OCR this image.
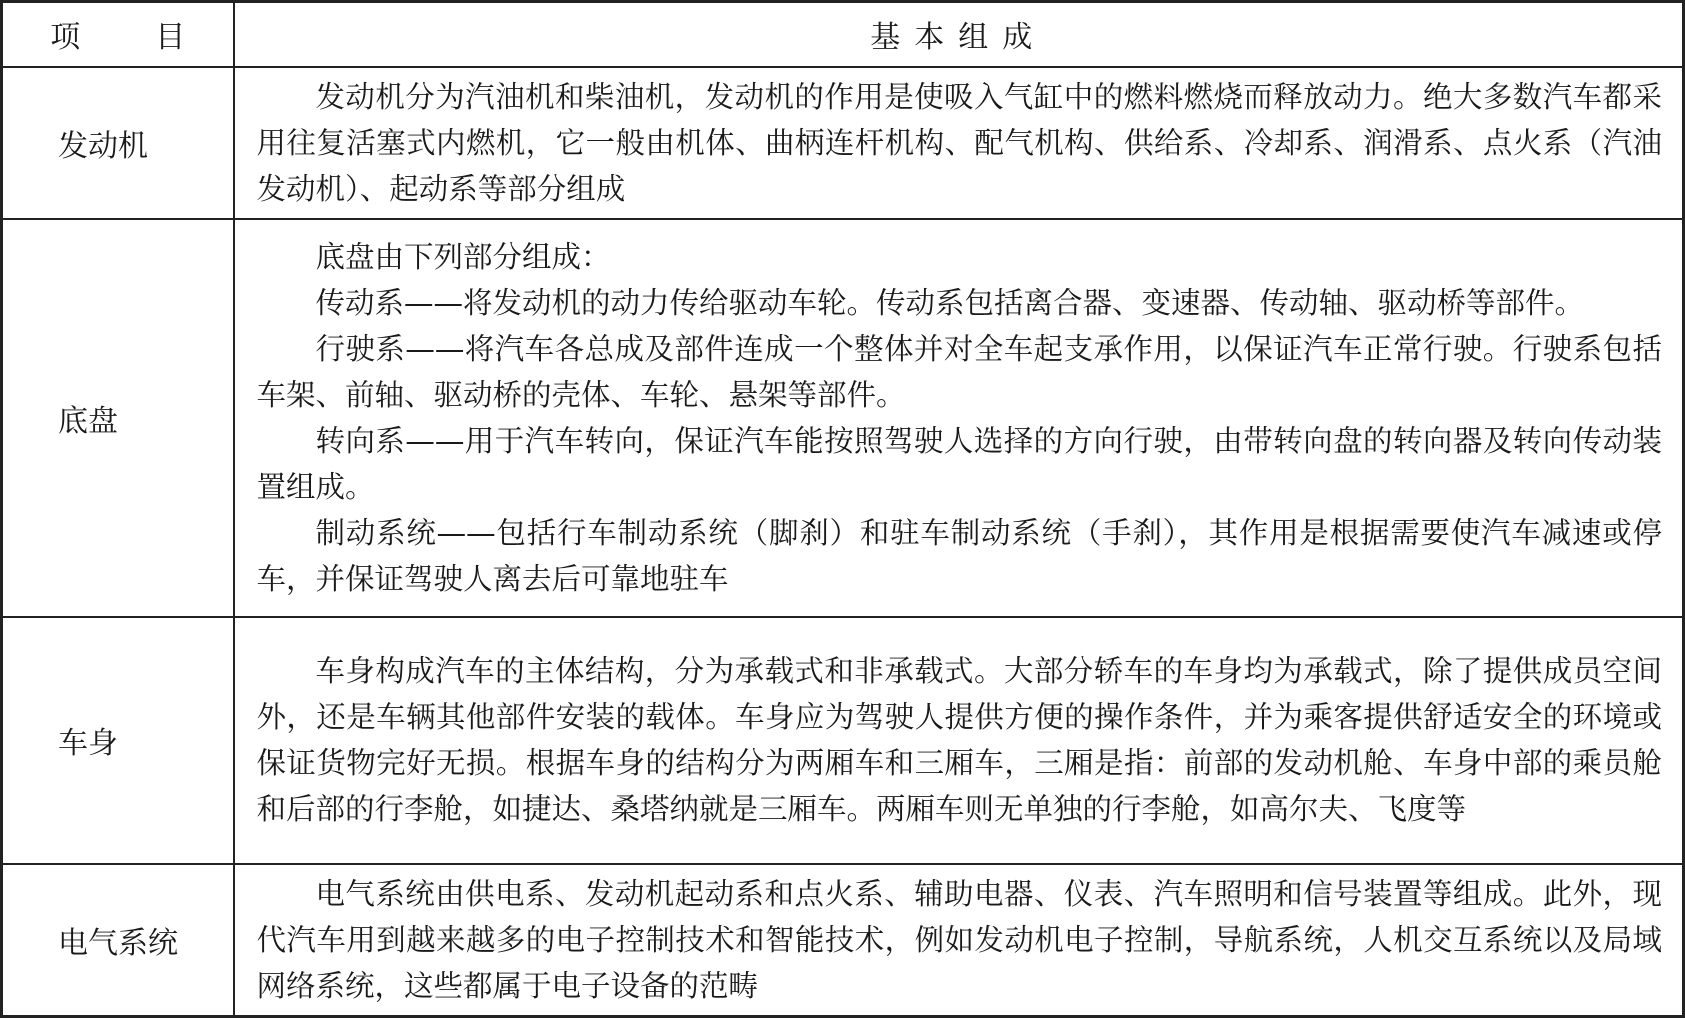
项目	基本组成
发动机	发动机分为汽油机和柴油机，发动机的作用是使吸入气缸中的燃料燃烧而释放动力。绝大多数汽车都采用往复活塞式内燃机，它一般由机体、曲柄连杆机构、配气机构、供给系、冷却系、润滑系、点火系（汽油发动机）、起动系等部分组成

底盘	底盘由下列部分组成：

传动系——将发动机的动力传给驱动车轮。传动系包括离合器、变速器、传动轴、驱动桥等部件。

行驶系——将汽车各总成及部件连成一个整体并对全车起支承作用，以保证汽车正常行驶。行驶系包括车架、前轴、驱动桥的壳体、车轮、悬架等部件。

转向系——用于汽车转向，保证汽车能按照驾驶人选择的方向行驶，由带转向盘的转向器及转向传动装置组成。

制动系统——包括行车制动系统（脚刹）和驻车制动系统（手刹），其作用是根据需要使汽车减速或停车，并保证驾驶人离去后可靠地驻车

车身	车身构成汽车的主体结构，分为承载式和非承载式。大部分轿车的车身均为承载式，除了提供成员空间外，还是车辆其他部件安装的载体。车身应为驾驶人提供方便的操作条件，并为乘客提供舒适安全的环境或保证货物完好无损。根据车身的结构分为两厢车和三厢车，三厢是指：前部的发动机舱、车身中部的乘员舱和后部的行李舱，如捷达、桑塔纳就是三厢车。两厢车则无单独的行李舱，如高尔夫、飞度等

电气系统	电气系统由供电系、发动机起动系和点火系、辅助电器、仪表、汽车照明和信号装置等组成。此外，现代汽车用到越来越多的电子控制技术和智能技术，例如发动机电子控制，导航系统，人机交互系统以及局域网络系统，这些都属于电子设备的范畴
